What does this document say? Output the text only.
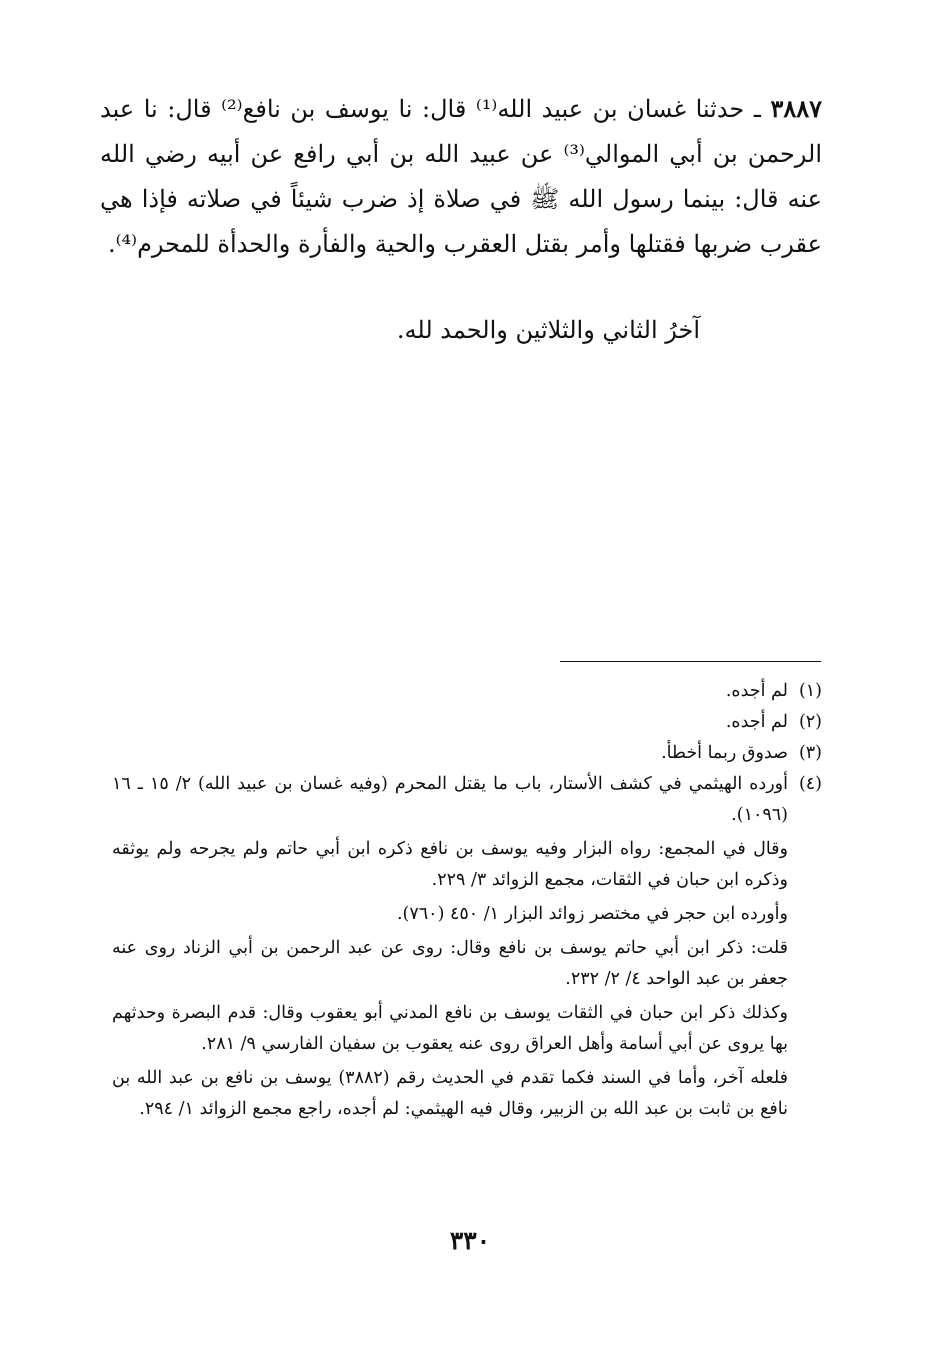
٣٨٨٧ ـ حدثنا غسان بن عبيد الله⁽¹⁾ قال: نا يوسف بن نافع⁽²⁾ قال: نا عبد الرحمن بن أبي الموالي⁽³⁾ عن عبيد الله بن أبي رافع عن أبيه رضي الله عنه قال: بينما رسول الله ﷺ في صلاة إذ ضرب شيئاً في صلاته فإذا هي عقرب ضربها فقتلها وأمر بقتل العقرب والحية والفأرة والحدأة للمحرم⁽⁴⁾.

آخرُ الثاني والثلاثين والحمد لله.
(١)

لم أجده.

(٢)

لم أجده.

(٣)

صدوق ربما أخطأ.

(٤)

أورده الهيثمي في كشف الأستار، باب ما يقتل المحرم (وفيه غسان بن عبيد الله) ٢/ ١٥ ـ ١٦ (١٠٩٦).

وقال في المجمع: رواه البزار وفيه يوسف بن نافع ذكره ابن أبي حاتم ولم يجرحه ولم يوثقه وذكره ابن حبان في الثقات، مجمع الزوائد ٣/ ٢٢٩.

وأورده ابن حجر في مختصر زوائد البزار ١/ ٤٥٠ (٧٦٠).

قلت: ذكر ابن أبي حاتم يوسف بن نافع وقال: روى عن عبد الرحمن بن أبي الزناد روى عنه جعفر بن عبد الواحد ٤/ ٢/ ٢٣٢.

وكذلك ذكر ابن حبان في الثقات يوسف بن نافع المدني أبو يعقوب وقال: قدم البصرة وحدثهم بها يروى عن أبي أسامة وأهل العراق روى عنه يعقوب بن سفيان الفارسي ٩/ ٢٨١.

فلعله آخر، وأما في السند فكما تقدم في الحديث رقم (٣٨٨٢) يوسف بن نافع بن عبد الله بن نافع بن ثابت بن عبد الله بن الزبير، وقال فيه الهيثمي: لم أجده، راجع مجمع الزوائد ١/ ٢٩٤.

٣٣٠
